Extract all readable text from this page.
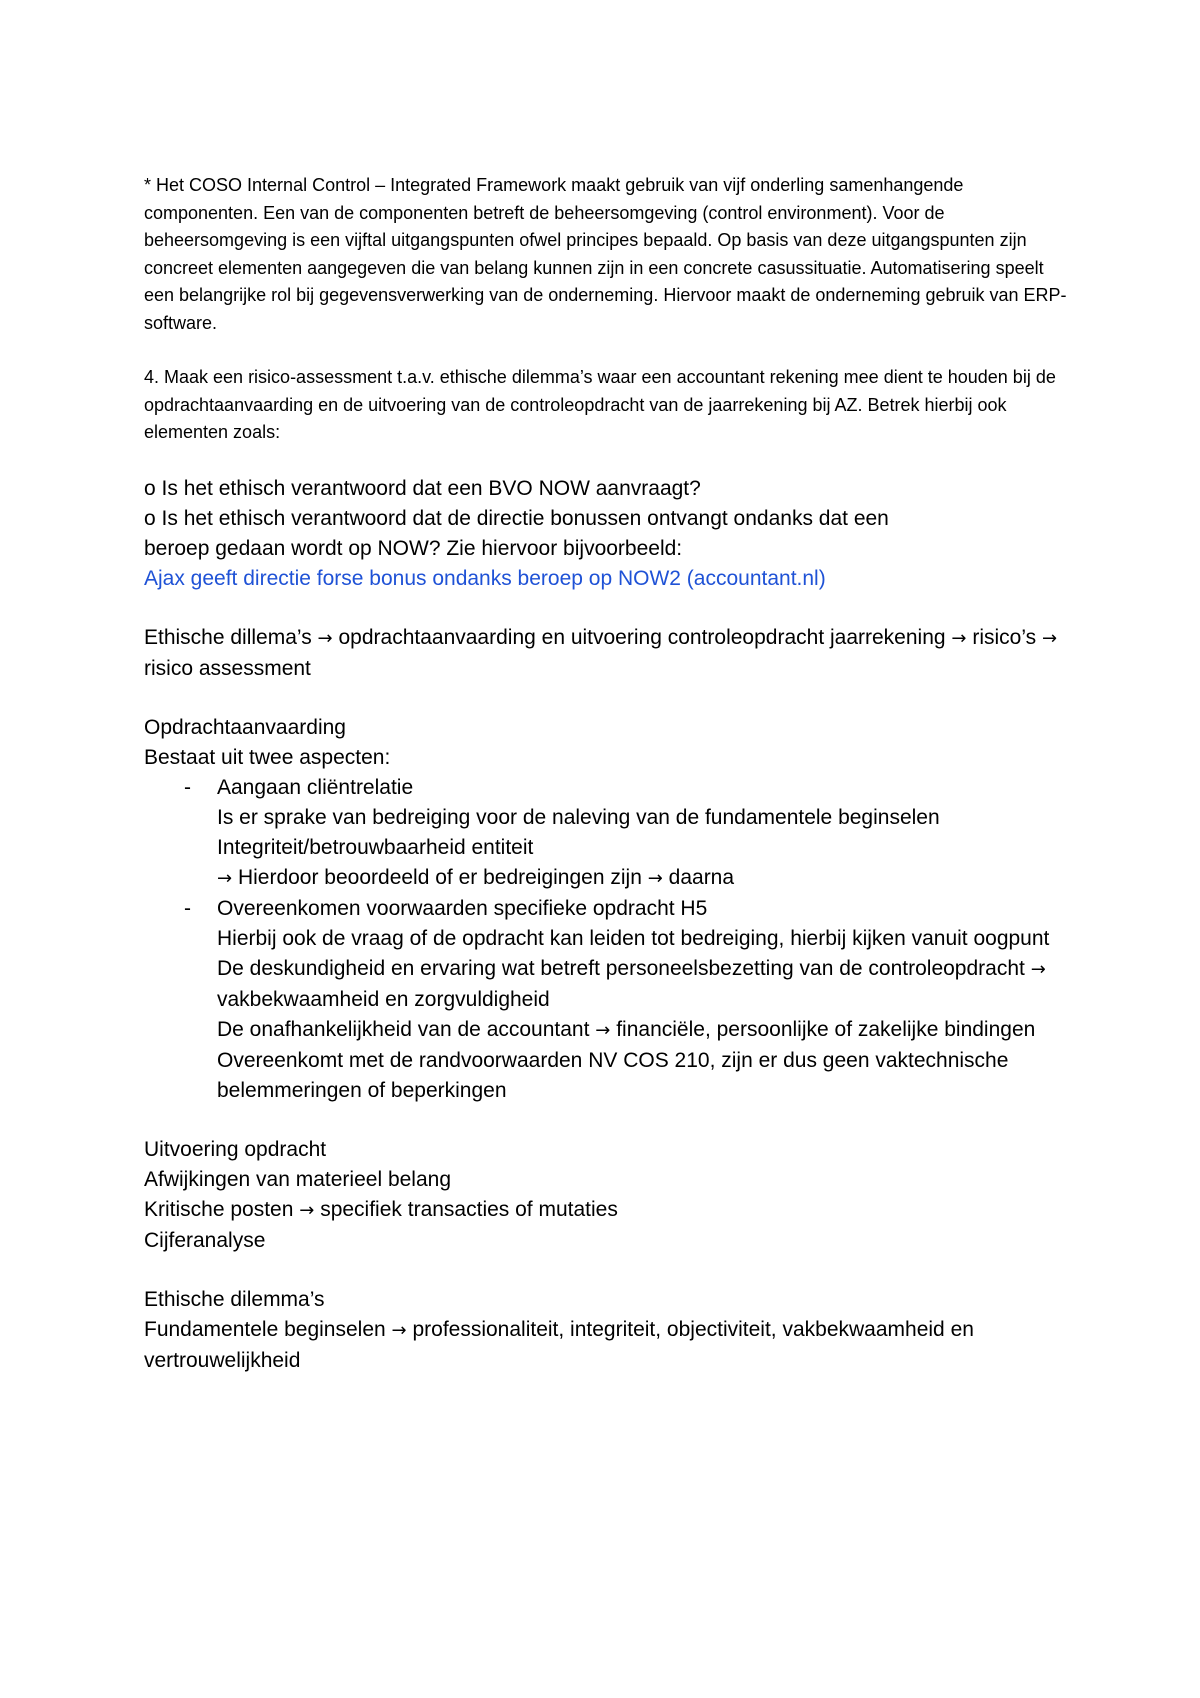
* Het COSO Internal Control – Integrated Framework maakt gebruik van vijf onderling samenhangende componenten. Een van de componenten betreft de beheersomgeving (control environment). Voor de beheersomgeving is een vijftal uitgangspunten ofwel principes bepaald. Op basis van deze uitgangspunten zijn concreet elementen aangegeven die van belang kunnen zijn in een concrete casussituatie. Automatisering speelt een belangrijke rol bij gegevensverwerking van de onderneming. Hiervoor maakt de onderneming gebruik van ERP-software.

4. Maak een risico-assessment t.a.v. ethische dilemma’s waar een accountant rekening mee dient te houden bij de opdrachtaanvaarding en de uitvoering van de controleopdracht van de jaarrekening bij AZ. Betrek hierbij ook elementen zoals:

o Is het ethisch verantwoord dat een BVO NOW aanvraagt?

o Is het ethisch verantwoord dat de directie bonussen ontvangt ondanks dat een

beroep gedaan wordt op NOW? Zie hiervoor bijvoorbeeld:

Ajax geeft directie forse bonus ondanks beroep op NOW2 (accountant.nl)

Ethische dillema’s → opdrachtaanvaarding en uitvoering controleopdracht jaarrekening → risico’s → risico assessment

Opdrachtaanvaarding

Bestaat uit twee aspecten:

- Aangaan cliëntrelatie

Is er sprake van bedreiging voor de naleving van de fundamentele beginselen

Integriteit/betrouwbaarheid entiteit

→ Hierdoor beoordeeld of er bedreigingen zijn → daarna

- Overeenkomen voorwaarden specifieke opdracht H5

Hierbij ook de vraag of de opdracht kan leiden tot bedreiging, hierbij kijken vanuit oogpunt

De deskundigheid en ervaring wat betreft personeelsbezetting van de controleopdracht → vakbekwaamheid en zorgvuldigheid

De onafhankelijkheid van de accountant → financiële, persoonlijke of zakelijke bindingen

Overeenkomt met de randvoorwaarden NV COS 210, zijn er dus geen vaktechnische belemmeringen of beperkingen

Uitvoering opdracht

Afwijkingen van materieel belang

Kritische posten → specifiek transacties of mutaties

Cijferanalyse

Ethische dilemma’s

Fundamentele beginselen → professionaliteit, integriteit, objectiviteit, vakbekwaamheid en vertrouwelijkheid
